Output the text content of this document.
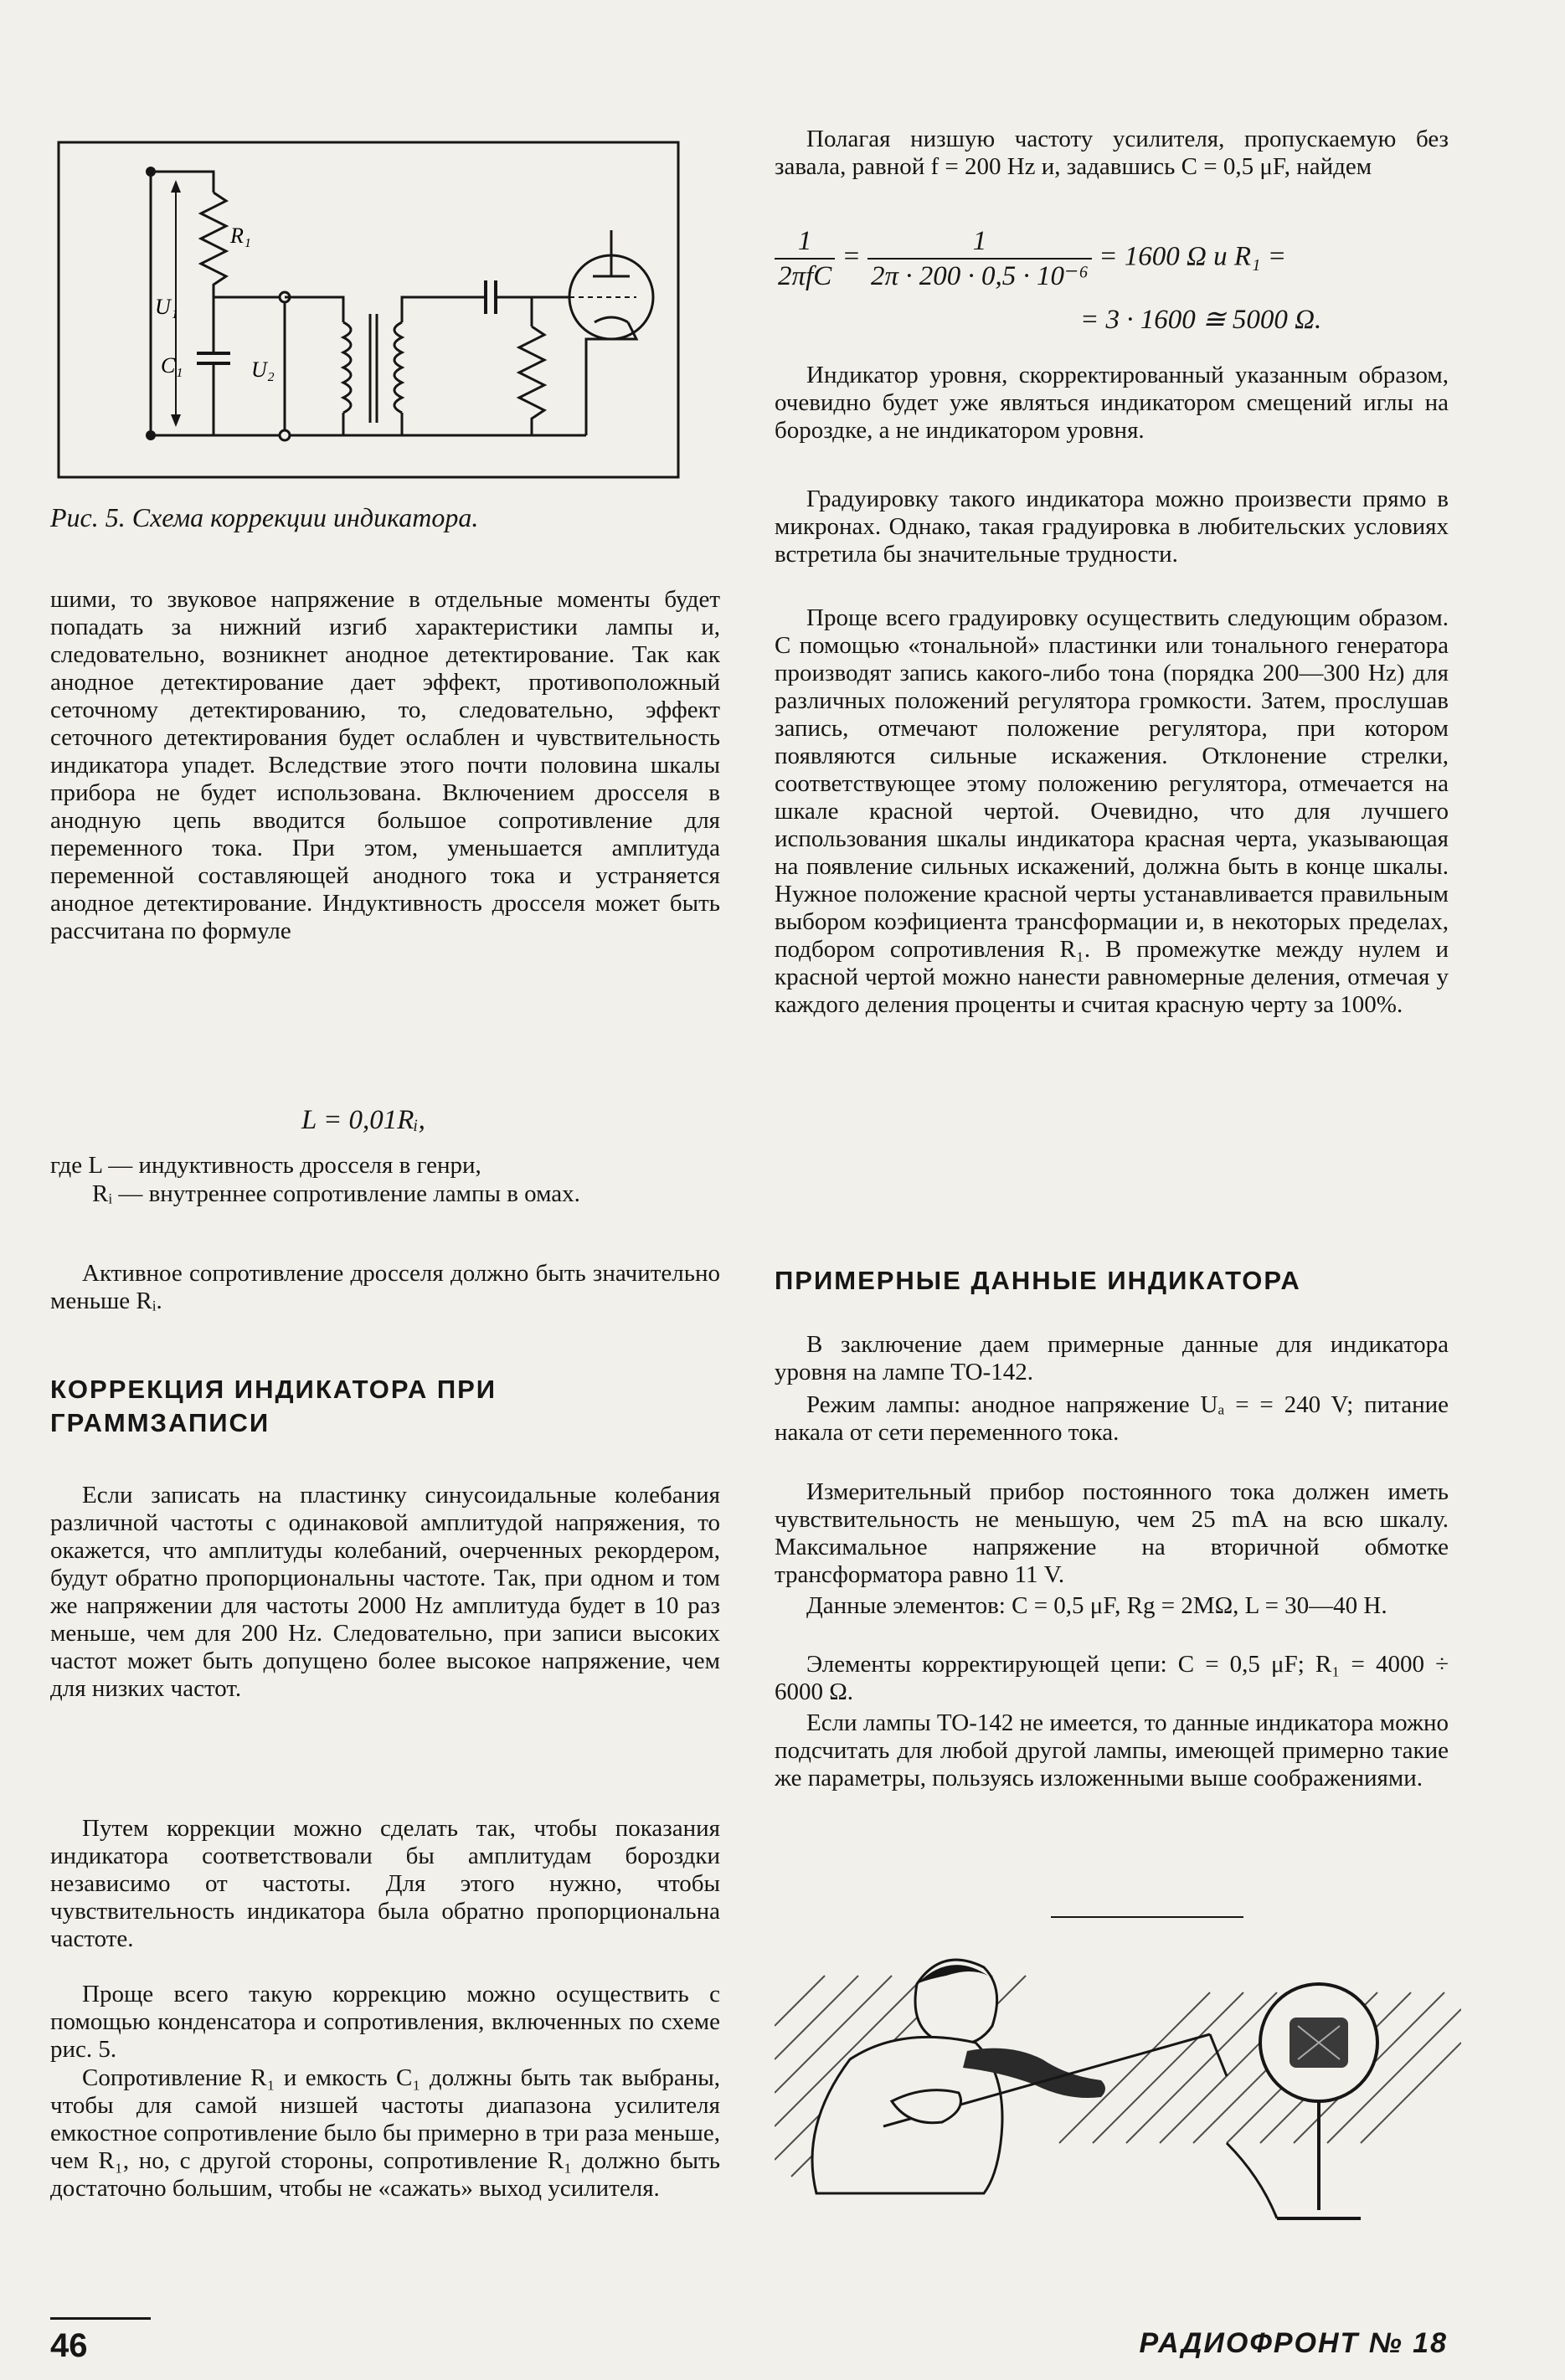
R₁
U₁
C₁	U₂

Рис. 5. Схема коррекции индикатора.

шими, то звуковое напряжение в отдельные моменты будет попадать за нижний изгиб характеристики лампы и, следовательно, возникнет анодное детектирование. Так как анодное детектирование дает эффект, противоположный сеточному детектированию, то, следовательно, эффект сеточного детектирования будет ослаблен и чувствительность индикатора упадет. Вследствие этого почти половина шкалы прибора не будет использована. Включением дросселя в анодную цепь вводится большое сопротивление для переменного тока. При этом, уменьшается амплитуда переменной составляющей анодного тока и устраняется анодное детектирование. Индуктивность дросселя может быть рассчитана по формуле

L = 0,01Rᵢ,

где L — индуктивность дросселя в генри,

Rᵢ — внутреннее сопротивление лампы в омах.

Активное сопротивление дросселя должно быть значительно меньше Rᵢ.

КОРРЕКЦИЯ ИНДИКАТОРА ПРИ ГРАММЗАПИСИ

Если записать на пластинку синусоидальные колебания различной частоты с одинаковой амплитудой напряжения, то окажется, что амплитуды колебаний, очерченных рекордером, будут обратно пропорциональны частоте. Так, при одном и том же напряжении для частоты 2000 Hz амплитуда будет в 10 раз меньше, чем для 200 Hz. Следовательно, при записи высоких частот может быть допущено более высокое напряжение, чем для низких частот.

Путем коррекции можно сделать так, чтобы показания индикатора соответствовали бы амплитудам бороздки независимо от частоты. Для этого нужно, чтобы чувствительность индикатора была обратно пропорциональна частоте.

Проще всего такую коррекцию можно осуществить с помощью конденсатора и сопротивления, включенных по схеме рис. 5.

Сопротивление R₁ и емкость C₁ должны быть так выбраны, чтобы для самой низшей частоты диапазона усилителя емкостное сопротивление было бы примерно в три раза меньше, чем R₁, но, с другой стороны, сопротивление R₁ должно быть достаточно большим, чтобы не «сажать» выход усилителя.

Полагая низшую частоту усилителя, пропускаемую без завала, равной f = 200 Hz и, задавшись C = 0,5 μF, найдем

$\frac{1}{\text{2πfC}} = \frac{1}{\text{2π · 200 · 0,5 · 10⁻⁶}} = 1600$ Ω и R₁ =
= 3 · 1600 ≅ 5000 Ω.

Индикатор уровня, скорректированный указанным образом, очевидно будет уже являться индикатором смещений иглы на бороздке, а не индикатором уровня.

Градуировку такого индикатора можно произвести прямо в микронах. Однако, такая градуировка в любительских условиях встретила бы значительные трудности.

Проще всего градуировку осуществить следующим образом. С помощью «тональной» пластинки или тонального генератора производят запись какого-либо тона (порядка 200—300 Hz) для различных положений регулятора громкости. Затем, прослушав запись, отмечают положение регулятора, при котором появляются сильные искажения. Отклонение стрелки, соответствующее этому положению регулятора, отмечается на шкале красной чертой. Очевидно, что для лучшего использования шкалы индикатора красная черта, указывающая на появление сильных искажений, должна быть в конце шкалы. Нужное положение красной черты устанавливается правильным выбором коэфициента трансформации и, в некоторых пределах, подбором сопротивления R₁. В промежутке между нулем и красной чертой можно нанести равномерные деления, отмечая у каждого деления проценты и считая красную черту за 100%.

ПРИМЕРНЫЕ ДАННЫЕ ИНДИКАТОРА

В заключение даем примерные данные для индикатора уровня на лампе ТО-142.

Режим лампы: анодное напряжение Uₐ = = 240 V; питание накала от сети переменного тока.

Измерительный прибор постоянного тока должен иметь чувствительность не меньшую, чем 25 mA на всю шкалу. Максимальное напряжение на вторичной обмотке трансформатора равно 11 V.

Данные элементов: C = 0,5 μF, Rg = 2MΩ, L = 30—40 H.

Элементы корректирующей цепи: C = 0,5 μF; R₁ = 4000 ÷ 6000 Ω.

Если лампы ТО-142 не имеется, то данные индикатора можно подсчитать для любой другой лампы, имеющей примерно такие же параметры, пользуясь изложенными выше соображениями.

46	РАДИОФРОНТ № 18
